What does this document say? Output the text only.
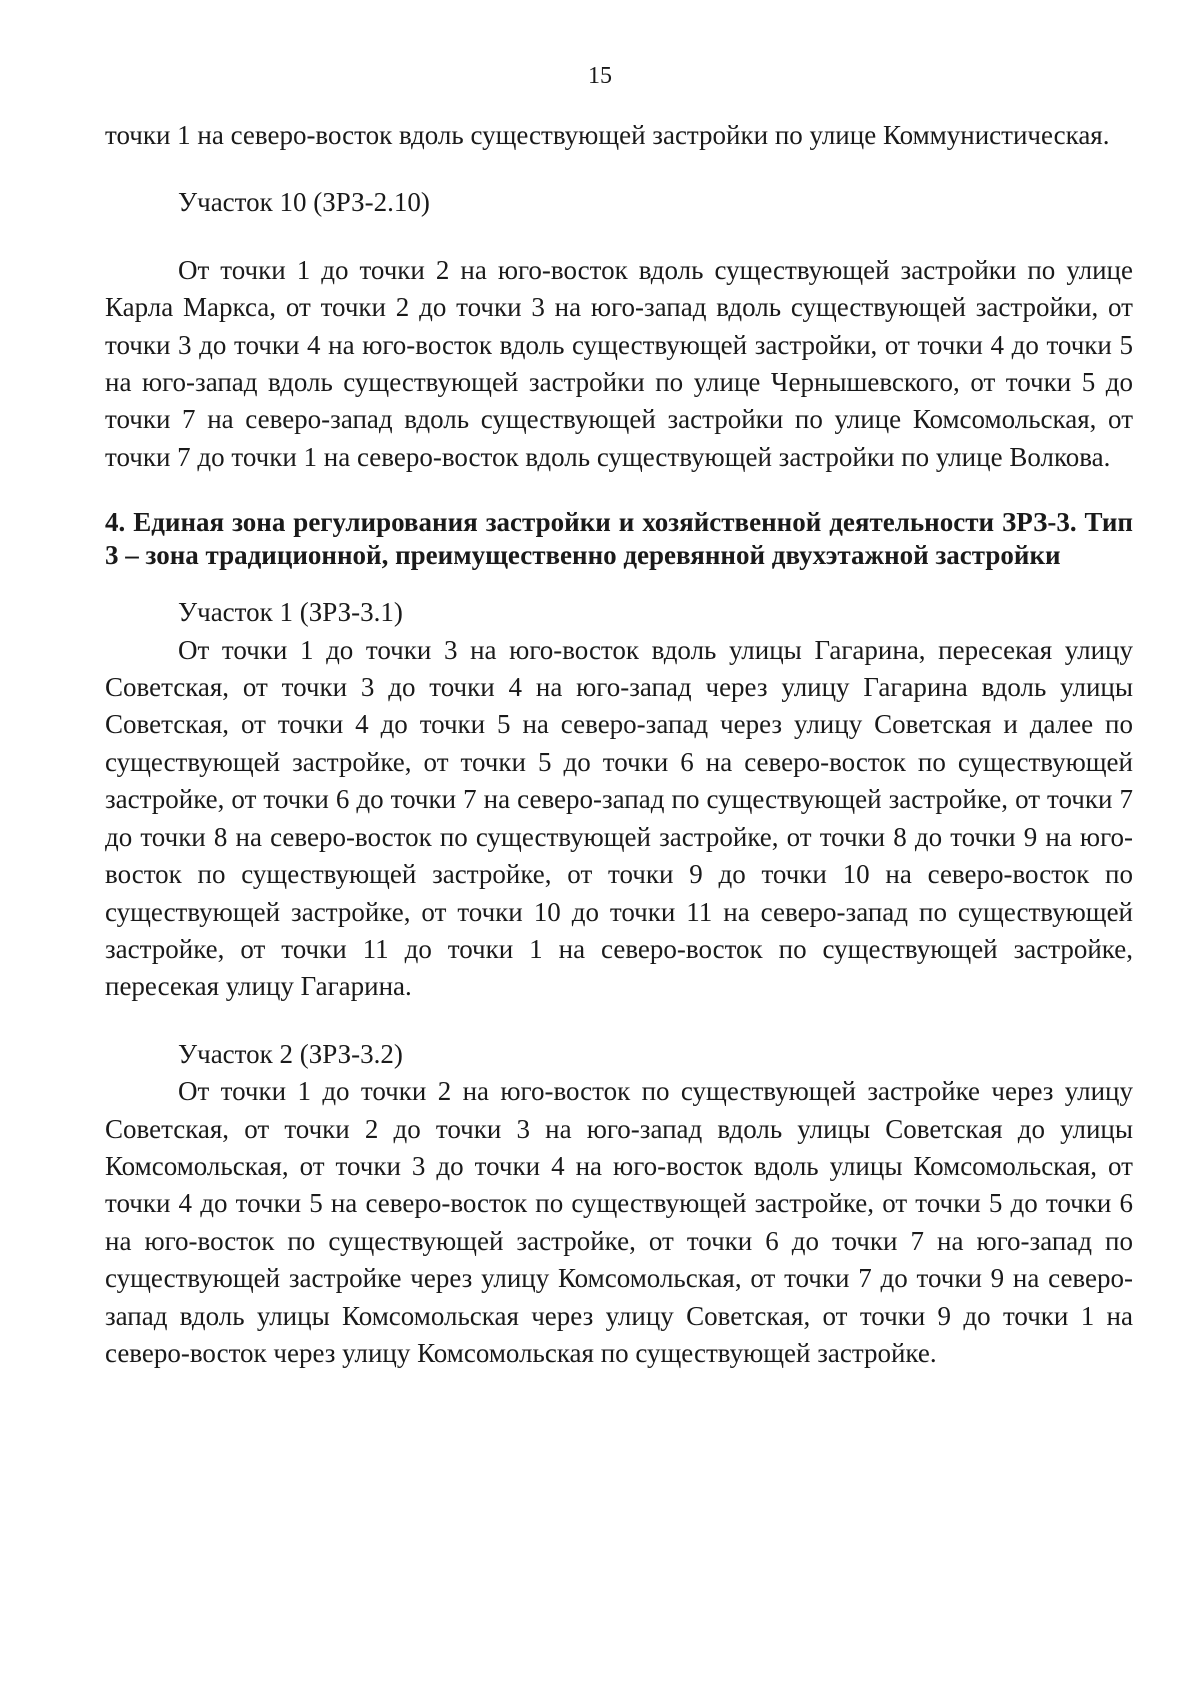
15

точки 1 на северо-восток вдоль существующей застройки по улице Коммунистическая.

Участок 10 (ЗРЗ-2.10)

От точки 1 до точки 2 на юго-восток вдоль существующей застройки по улице Карла Маркса, от точки 2 до точки 3 на юго-запад вдоль существующей застройки, от точки 3 до точки 4 на юго-восток вдоль существующей застройки, от точки 4 до точки 5 на юго-запад вдоль существующей застройки по улице Чернышевского, от точки 5 до точки 7 на северо-запад вдоль существующей застройки по улице Комсомольская, от точки 7 до точки 1 на северо-восток вдоль существующей застройки по улице Волкова.

4. Единая зона регулирования застройки и хозяйственной деятельности ЗРЗ-3. Тип 3 – зона традиционной, преимущественно деревянной двухэтажной застройки

Участок 1 (ЗРЗ-3.1)

От точки 1 до точки 3 на юго-восток вдоль улицы Гагарина, пересекая улицу Советская, от точки 3 до точки 4 на юго-запад через улицу Гагарина вдоль улицы Советская, от точки 4 до точки 5 на северо-запад через улицу Советская и далее по существующей застройке, от точки 5 до точки 6 на северо-восток по существующей застройке, от точки 6 до точки 7 на северо-запад по существующей застройке, от точки 7 до точки 8 на северо-восток по существующей застройке, от точки 8 до точки 9 на юго-восток по существующей застройке, от точки 9 до точки 10 на северо-восток по существующей застройке, от точки 10 до точки 11 на северо-запад по существующей застройке, от точки 11 до точки 1 на северо-восток по существующей застройке, пересекая улицу Гагарина.

Участок 2 (ЗРЗ-3.2)

От точки 1 до точки 2 на юго-восток по существующей застройке через улицу Советская, от точки 2 до точки 3 на юго-запад вдоль улицы Советская до улицы Комсомольская, от точки 3 до точки 4 на юго-восток вдоль улицы Комсомольская, от точки 4 до точки 5 на северо-восток по существующей застройке, от точки 5 до точки 6 на юго-восток по существующей застройке, от точки 6 до точки 7 на юго-запад по существующей застройке через улицу Комсомольская, от точки 7 до точки 9 на северо-запад вдоль улицы Комсомольская через улицу Советская, от точки 9 до точки 1 на северо-восток через улицу Комсомольская по существующей застройке.
